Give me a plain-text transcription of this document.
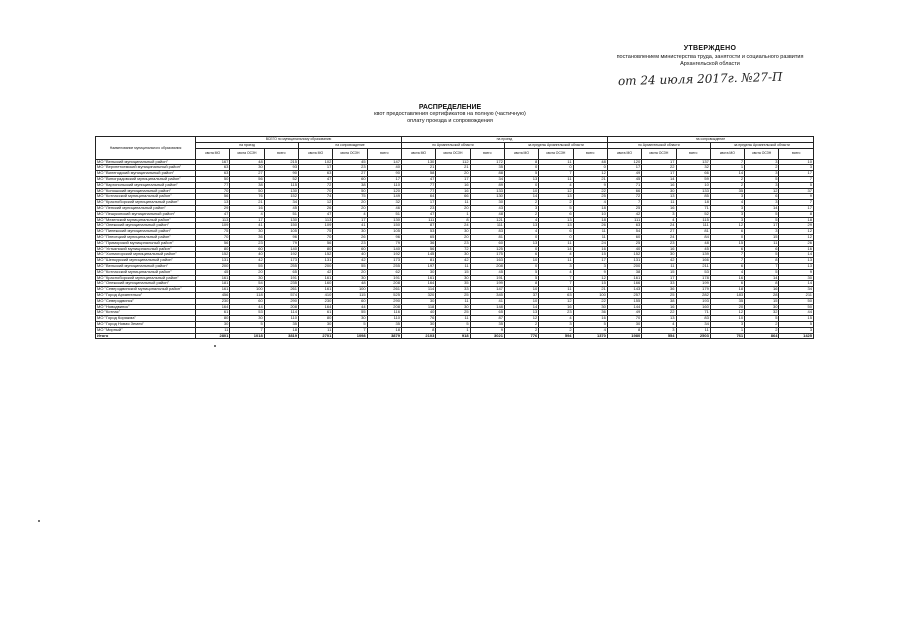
УТВЕРЖДЕНО
постановлением министерства труда, занятости и социального развития
Архангельской области
от 24 июля 2017г. №27-П
РАСПРЕДЕЛЕНИЕ
квот предоставления сертификатов на полную (частичную)
оплату проезда и сопровождения
Наименование муниципального образования	ВСЕГО по муниципальному образованию						на проезд						на сопровождение					
	на проезд			на сопровождение			по Архангельской области			за пределы Архангельской области			по Архангельской области			за пределы Архангельской области		
	квота МО	квота ОСЗН	всего	квота МО	квота ОСЗН	всего	квота МО	квота ОСЗН	всего	квота МО	квота ОСЗН	всего	квота МО	квота ОСЗН	всего	квота МО	квота ОСЗН	всего
МО "Вельский муниципальный район"	167	48	215	102	45	147	130	112	172	8	11	48	120	17	137	7	3	10
МО "Верхнетоемский муниципальный район"	63	30	93	17	23	40	21	21	35	0	0	0	17	22	32	1	2	3
МО "Вилегодский муниципальный район"	63	27	90	63	27	90	58	20	88	5	7	12	49	17	66	14	3	17
МО "Виноградовский муниципальный район"	50	56	52	47	60	17	47	17	34	13	11	21	45	14	59	2	5	7
МО "Каргопольский муниципальный район"	77	38	115	72	38	110	77	16	89	0	4	9	71	16	10	2	3	5
МО "Коношский муниципальный район"	70	50	130	70	50	120	77	16	133	10	12	22	66	30	133	35	12	37
МО "Котласский муниципальный район"	56	76	152	74	75	149	64	66	130	14	13	25	72	13	85	3	6	9
МО "Красноборский муниципальный район"	13	21	34	12	20	32	17	11	30	2	2	4	7	11	18	4	3	7
МО "Ленский муниципальный район"	29	16	45	26	20	46	23	20	43	3	5	18	25	16	71	3	14	17
МО "Лешуконский муниципальный район"	47	4	51	47	4	51	47	1	48	2	6	10	42	3	52	3	5	8
МО "Мезенский муниципальный район"	113	17	130	113	17	130	111	8	121	4	13	18	111	4	115	3	5	18
МО "Онежский муниципальный район"	109	41	150	109	41	150	87	24	111	13	13	26	63	24	111	12	17	29
МО "Пинежский муниципальный район"	75	30	105	75	30	105	53	30	83	4	6	11	54	27	81	6	3	12
МО "Плесецкий муниципальный район"	70	36	96	70	26	96	65	20	81	0	0	11	60	24	84	0	15	12
МО "Приморский муниципальный район"	56	23	79	56	23	79	36	23	60	13	11	24	25	23	48	15	11	26
МО "Устьянский муниципальный район"	80	60	140	80	60	140	56	72	125	0	14	16	40	16	45	6	6	16
МО "Холмогорский муниципальный район"	152	40	192	152	40	192	145	30	175	6	4	15	152	30	139	7	5	14
МО "Шенкурский муниципальный район"	131	42	173	131	42	173	81	42	163	10	11	17	131	42	166	7	8	13
МО "Вельский муниципальный район"	200	55	255	200	55	255	197	11	208	0	3	3	200	11	211	6	7	13
МО "Котласский муниципальный район"	45	20	65	42	20	62	30	15	45	5	4	9	38	15	53	4	5	9
МО "Красноборский муниципальный район"	161	30	191	161	30	191	161	30	191	5	7	12	161	17	178	16	14	30
МО "Онежский муниципальный район"	181	54	235	160	48	208	164	35	199	8	7	15	166	33	199	6	8	14
МО "Северодвинский муниципальный район"	161	100	261	161	100	261	114	33	147	10	11	21	143	36	179	18	16	34
МО "Город Архангельск"	456	118	574	410	115	525	320	25	345	37	63	100	257	25	282	183	28	211
МО "Северодвинск"	230	60	290	230	60	290	30	11	41	10	12	22	155	38	193	35	15	50
МО "Новодвинск"	164	44	208	164	44	208	118	30	148	14	16	30	144	16	160	20	30	50
МО "Котлас"	61	53	114	61	55	116	40	25	65	13	23	36	49	22	71	12	32	44
МО "Город Коряжма"	80	30	110	80	30	110	76	11	87	12	4	16	70	13	83	10	5	15
МО "Город Новая Земля"	30	5	35	30	5	35	30	5	35	2	3	5	30	4	34	3	2	5
МО "Мирный"	11	7	18	11	7	18	8	1	9	2	2	4	8	3	11	1	2	3
Итого	2801	1018	3819	2701	1098	3879	2103	918	3021	776	594	1370	1980	554	2503	761	864	1425
